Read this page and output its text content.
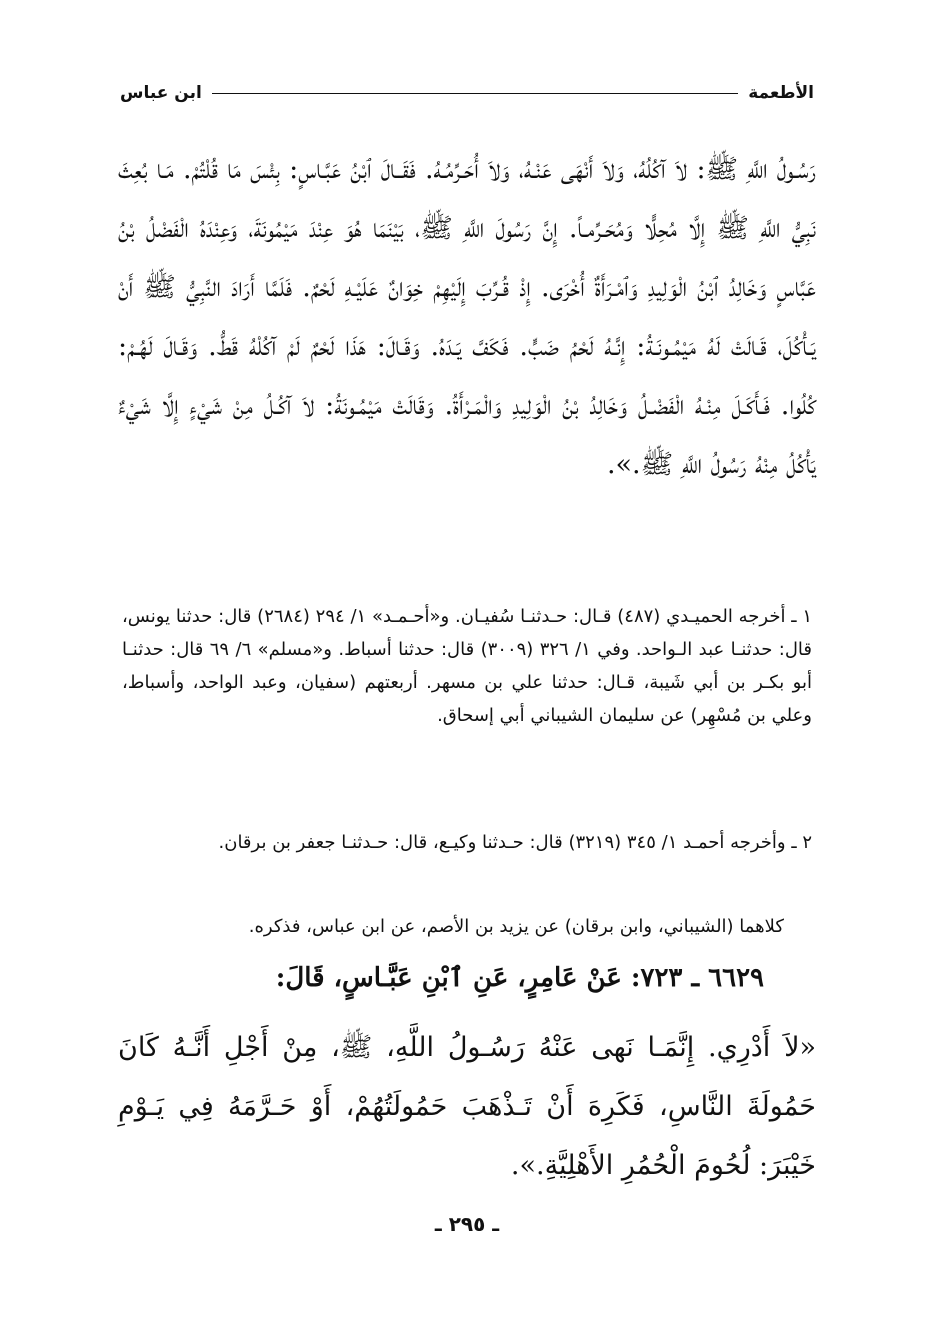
الأطعمة
ابن عباس

رَسُـولُ اللَّهِ ﷺ: لاَ آكُلُهُ، وَلاَ أَنْهَى عَنْـهُ، وَلاَ أُحَـرِّمُـهُ. فَقَــالَ ٱبْنُ عَبَّـاسٍ: بِئْسَ مَا قُلْتُمْ. مَـا بُعِثَ نَبِيُّ اللَّهِ ﷺ إِلَّا مُحِلًّا وَمُحَـرِّمـاً. إِنَّ رَسُولَ اللَّهِ ﷺ، بَيْنَمَا هُوَ عِنْدَ مَيْمُونَةَ، وَعِنْدَهُ الْفَضْلُ بْنُ عَبَّاسٍ وَخَالِدُ ٱبْنُ الْوَلِيدِ وَٱمْـرَأَةٌ أُخْرَى. إِذْ قُـرِّبَ إِلَيْهِمْ خِوَانٌ عَلَيْـهِ لَحْمٌ. فَلَمَّا أَرَادَ النَّبِيُّ ﷺ أَنْ يَـأْكُلَ، قَـالَتْ لَهُ مَيْمُـونَـةُ: إِنَّـهُ لَحْمُ ضَبٍّ. فَكَفَّ يَـدَهُ. وَقَـالَ: هَذَا لَحْمٌ لَمْ آكُلْهُ قَطُّ. وَقَـالَ لَهُـمْ: كُلُوا. فَـأَكَـلَ مِنْـهُ الْفَضْـلُ وَخَالِدُ بْنُ الْوَلِيدِ وَالْمَـرْأَةُ. وَقَالَتْ مَيْمُـونَةُ: لاَ آكُـلُ مِنْ شَيْءٍ إِلَّا شَيْءٌ يَأْكُلُ مِنْهُ رَسُولُ اللَّهِ ﷺ.».

١ ـ أخرجه الحميـدي (٤٨٧) قـال: حـدثنـا سُفيـان. و«أحـمـد» ١/ ٢٩٤ (٢٦٨٤) قال: حدثنا يونس، قال: حدثنـا عبد الـواحد. وفي ١/ ٣٢٦ (٣٠٠٩) قال: حدثنا أسباط. و«مسلم» ٦/ ٦٩ قال: حدثنـا أبو بكـر بن أبي شَيبة، قـال: حدثنا علي بن مسهر. أربعتهم (سفيان، وعبد الواحد، وأسباط، وعلي بن مُسْهِر) عن سليمان الشيباني أبي إسحاق.
٢ ـ وأخرجه أحمـد ١/ ٣٤٥ (٣٢١٩) قال: حـدثنا وكيـع، قال: حـدثنـا جعفر بن برقان.
كلاهما (الشيباني، وابن برقان) عن يزيد بن الأصم، عن ابن عباس، فذكره.
٦٦٢٩ ـ ٧٢٣: عَنْ عَامِرٍ، عَنِ ٱبْنِ عَبَّـاسٍ، قَالَ:
«لاَ أَدْرِي. إِنَّمَـا نَهى عَنْهُ رَسُـولُ اللَّهِ، ﷺ، مِنْ أَجْلِ أَنَّـهُ كَانَ حَمُولَةَ النَّاسِ، فَكَرِهَ أَنْ تَـذْهَبَ حَمُولَتُهُمْ، أَوْ حَـرَّمَهُ فِي يَـوْمِ خَيْبَرَ: لُحُومَ الْحُمُرِ الأَهْلِيَّةِ.».
ـ ٢٩٥ ـ
